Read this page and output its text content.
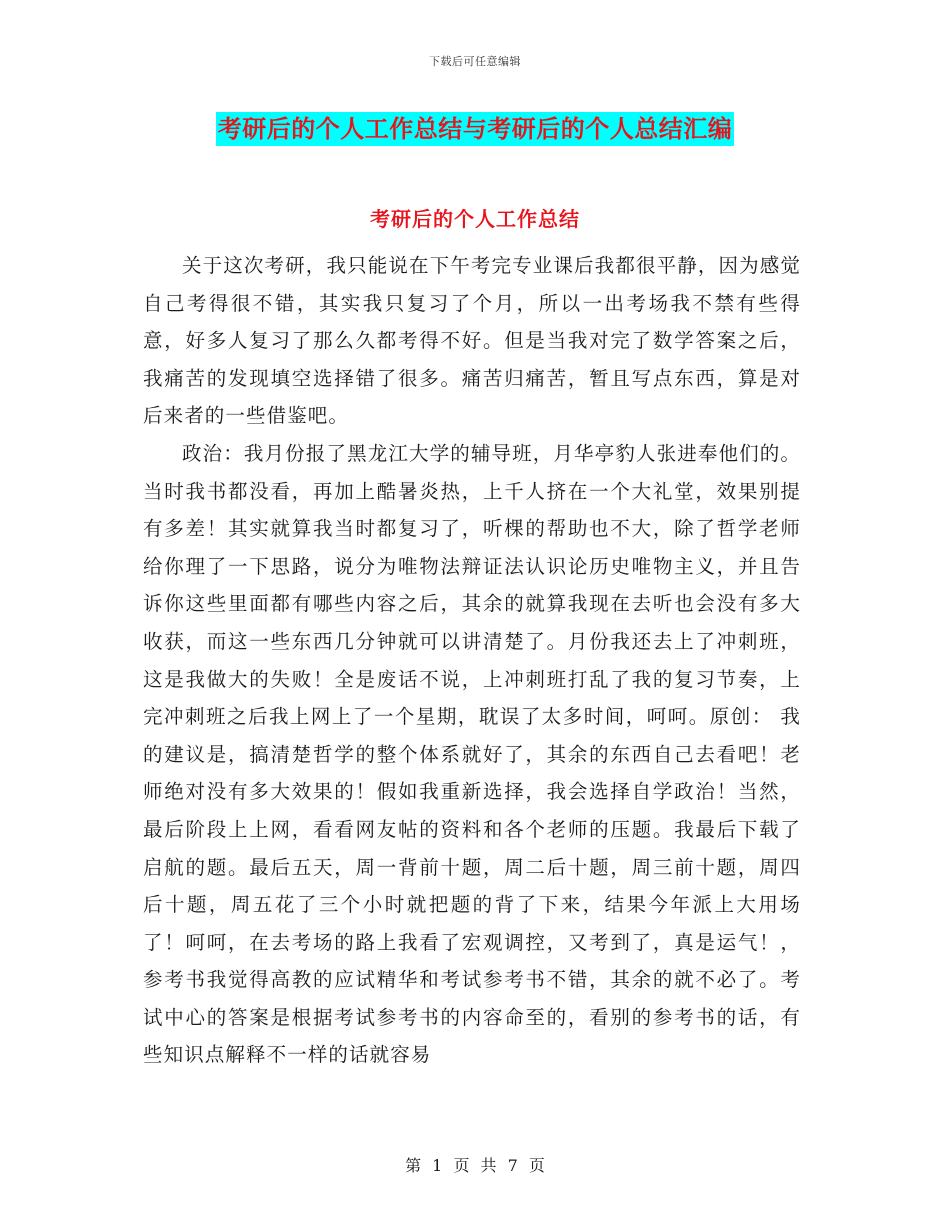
下载后可任意编辑
考研后的个人工作总结与考研后的个人总结汇编
考研后的个人工作总结

关于这次考研，我只能说在下午考完专业课后我都很平静，因为感觉自己考得很不错，其实我只复习了个月，所以一出考场我不禁有些得意，好多人复习了那么久都考得不好。但是当我对完了数学答案之后，我痛苦的发现填空选择错了很多。痛苦归痛苦，暂且写点东西，算是对后来者的一些借鉴吧。

政治：我月份报了黑龙江大学的辅导班，月华亭豹人张进奉他们的。当时我书都没看，再加上酷暑炎热，上千人挤在一个大礼堂，效果别提有多差！其实就算我当时都复习了，听棵的帮助也不大，除了哲学老师给你理了一下思路，说分为唯物法辩证法认识论历史唯物主义，并且告诉你这些里面都有哪些内容之后，其余的就算我现在去听也会没有多大收获，而这一些东西几分钟就可以讲清楚了。月份我还去上了冲刺班，这是我做大的失败！全是废话不说，上冲刺班打乱了我的复习节奏，上完冲刺班之后我上网上了一个星期，耽误了太多时间，呵呵。原创： 我的建议是，搞清楚哲学的整个体系就好了，其余的东西自己去看吧！老师绝对没有多大效果的！假如我重新选择，我会选择自学政治！当然，最后阶段上上网，看看网友帖的资料和各个老师的压题。我最后下载了启航的题。最后五天，周一背前十题，周二后十题，周三前十题，周四后十题，周五花了三个小时就把题的背了下来，结果今年派上大用场了！呵呵，在去考场的路上我看了宏观调控，又考到了，真是运气！，参考书我觉得高教的应试精华和考试参考书不错，其余的就不必了。考试中心的答案是根据考试参考书的内容命至的，看别的参考书的话，有些知识点解释不一样的话就容易

第 1 页 共 7 页
